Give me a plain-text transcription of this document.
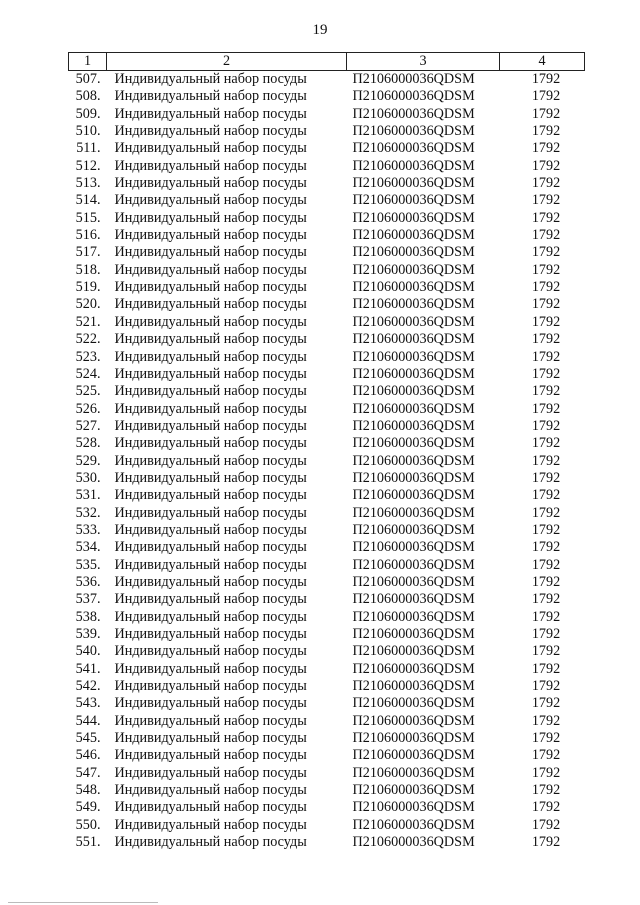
19
1	2	3	4
507.	Индивидуальный набор посуды	П2106000036QDSM	1792
508.	Индивидуальный набор посуды	П2106000036QDSM	1792
509.	Индивидуальный набор посуды	П2106000036QDSM	1792
510.	Индивидуальный набор посуды	П2106000036QDSM	1792
511.	Индивидуальный набор посуды	П2106000036QDSM	1792
512.	Индивидуальный набор посуды	П2106000036QDSM	1792
513.	Индивидуальный набор посуды	П2106000036QDSM	1792
514.	Индивидуальный набор посуды	П2106000036QDSM	1792
515.	Индивидуальный набор посуды	П2106000036QDSM	1792
516.	Индивидуальный набор посуды	П2106000036QDSM	1792
517.	Индивидуальный набор посуды	П2106000036QDSM	1792
518.	Индивидуальный набор посуды	П2106000036QDSM	1792
519.	Индивидуальный набор посуды	П2106000036QDSM	1792
520.	Индивидуальный набор посуды	П2106000036QDSM	1792
521.	Индивидуальный набор посуды	П2106000036QDSM	1792
522.	Индивидуальный набор посуды	П2106000036QDSM	1792
523.	Индивидуальный набор посуды	П2106000036QDSM	1792
524.	Индивидуальный набор посуды	П2106000036QDSM	1792
525.	Индивидуальный набор посуды	П2106000036QDSM	1792
526.	Индивидуальный набор посуды	П2106000036QDSM	1792
527.	Индивидуальный набор посуды	П2106000036QDSM	1792
528.	Индивидуальный набор посуды	П2106000036QDSM	1792
529.	Индивидуальный набор посуды	П2106000036QDSM	1792
530.	Индивидуальный набор посуды	П2106000036QDSM	1792
531.	Индивидуальный набор посуды	П2106000036QDSM	1792
532.	Индивидуальный набор посуды	П2106000036QDSM	1792
533.	Индивидуальный набор посуды	П2106000036QDSM	1792
534.	Индивидуальный набор посуды	П2106000036QDSM	1792
535.	Индивидуальный набор посуды	П2106000036QDSM	1792
536.	Индивидуальный набор посуды	П2106000036QDSM	1792
537.	Индивидуальный набор посуды	П2106000036QDSM	1792
538.	Индивидуальный набор посуды	П2106000036QDSM	1792
539.	Индивидуальный набор посуды	П2106000036QDSM	1792
540.	Индивидуальный набор посуды	П2106000036QDSM	1792
541.	Индивидуальный набор посуды	П2106000036QDSM	1792
542.	Индивидуальный набор посуды	П2106000036QDSM	1792
543.	Индивидуальный набор посуды	П2106000036QDSM	1792
544.	Индивидуальный набор посуды	П2106000036QDSM	1792
545.	Индивидуальный набор посуды	П2106000036QDSM	1792
546.	Индивидуальный набор посуды	П2106000036QDSM	1792
547.	Индивидуальный набор посуды	П2106000036QDSM	1792
548.	Индивидуальный набор посуды	П2106000036QDSM	1792
549.	Индивидуальный набор посуды	П2106000036QDSM	1792
550.	Индивидуальный набор посуды	П2106000036QDSM	1792
551.	Индивидуальный набор посуды	П2106000036QDSM	1792
